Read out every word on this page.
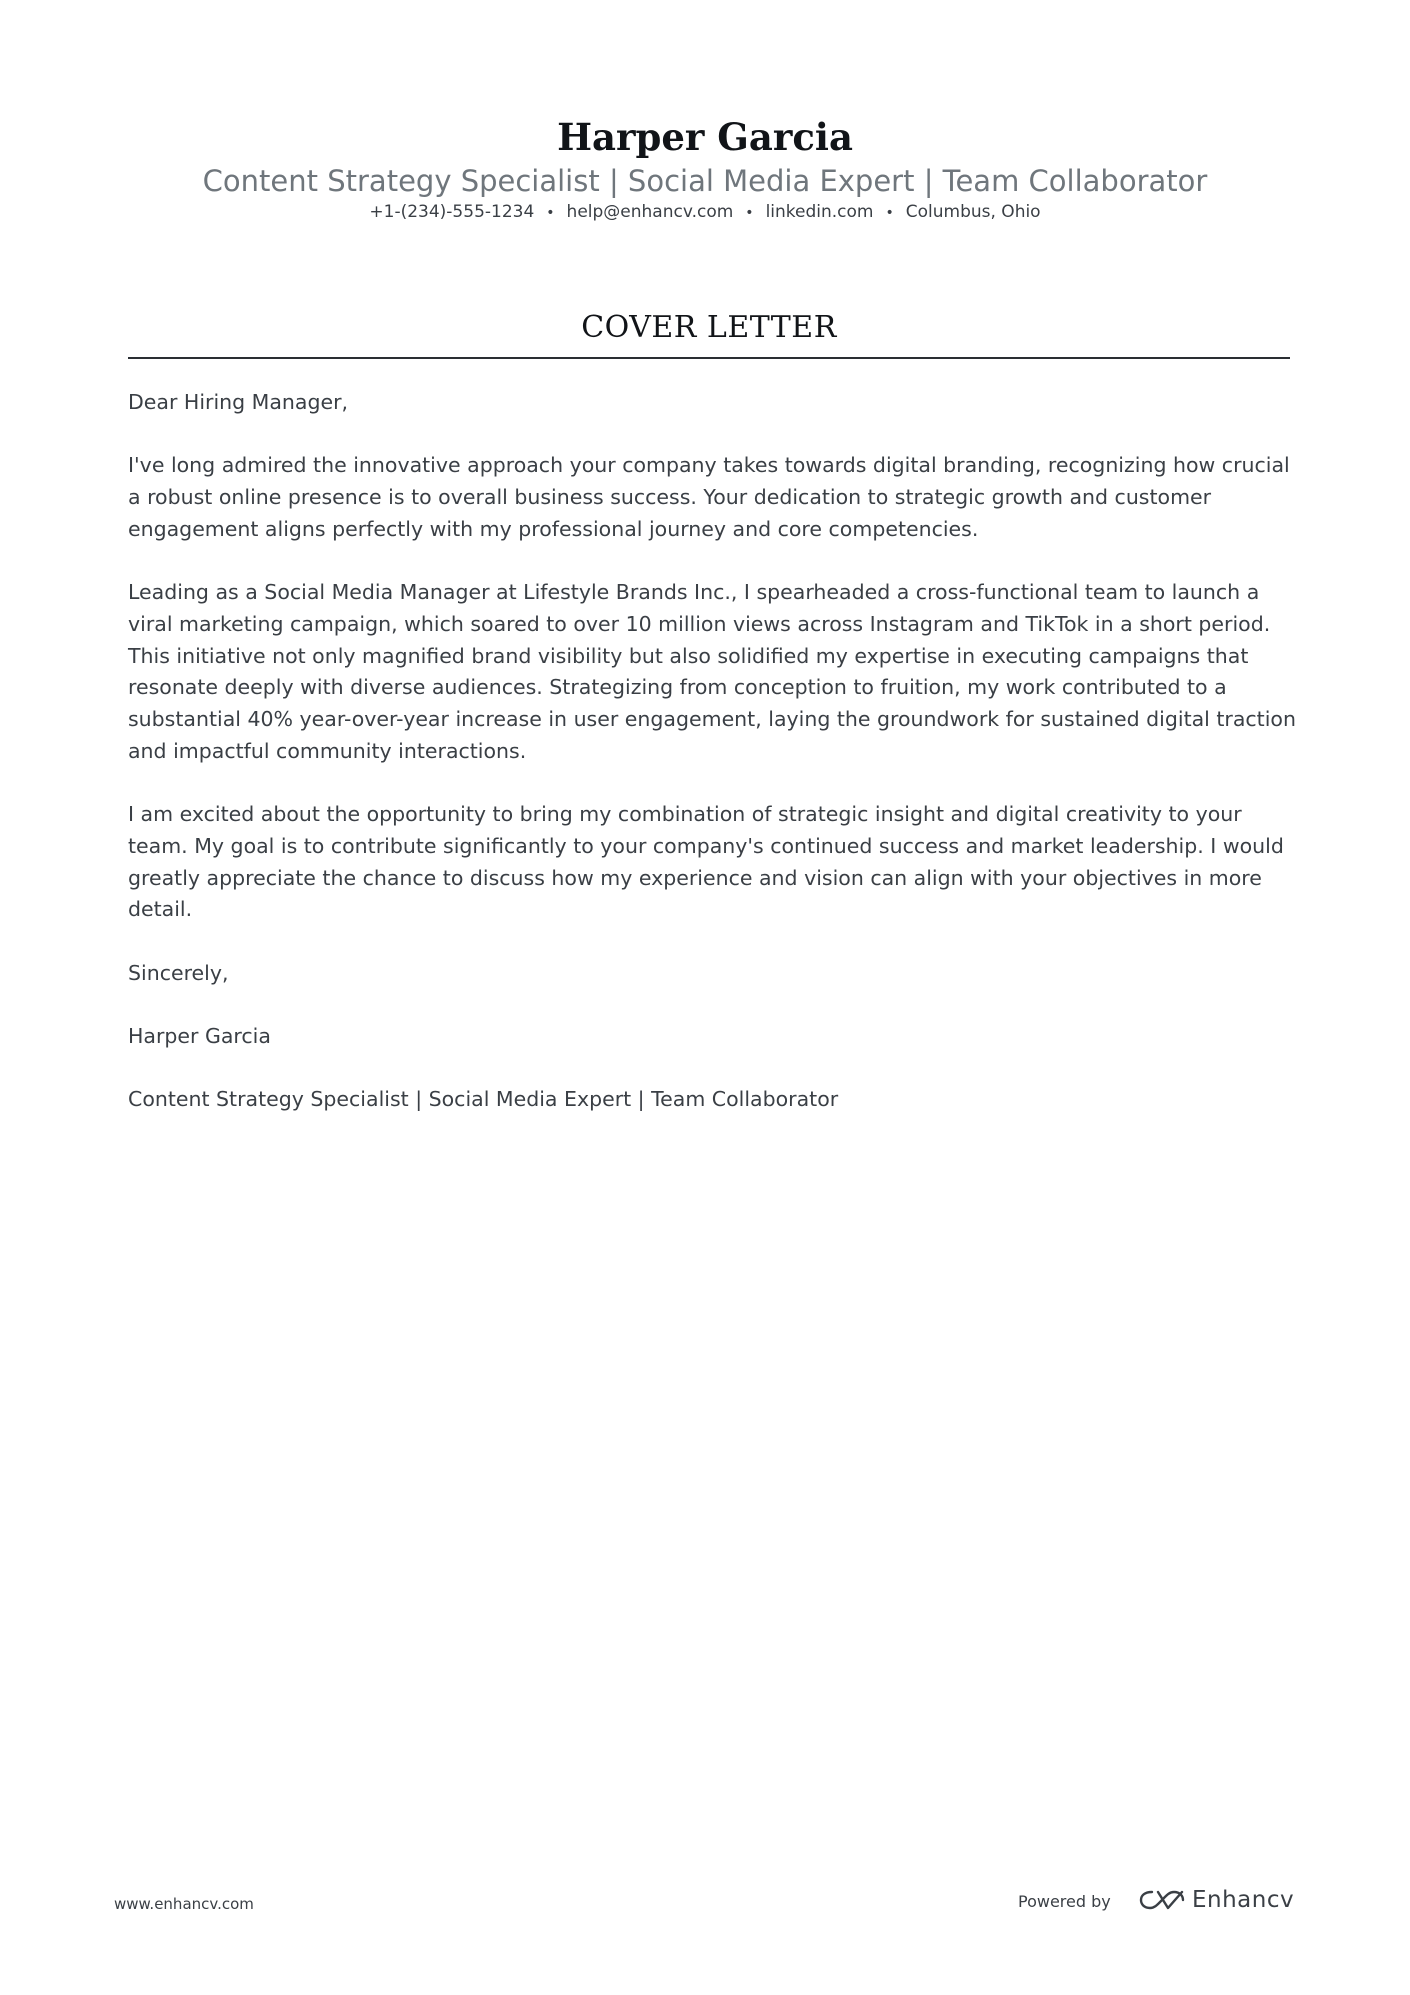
Harper Garcia
Content Strategy Specialist | Social Media Expert | Team Collaborator
+1-(234)-555-1234 • help@enhancv.com • linkedin.com • Columbus, Ohio
COVER LETTER

Dear Hiring Manager,

I've long admired the innovative approach your company takes towards digital branding, recognizing how crucial a robust online presence is to overall business success. Your dedication to strategic growth and customer engagement aligns perfectly with my professional journey and core competencies.

Leading as a Social Media Manager at Lifestyle Brands Inc., I spearheaded a cross-functional team to launch a viral marketing campaign, which soared to over 10 million views across Instagram and TikTok in a short period. This initiative not only magnified brand visibility but also solidified my expertise in executing campaigns that resonate deeply with diverse audiences. Strategizing from conception to fruition, my work contributed to a substantial 40% year-over-year increase in user engagement, laying the groundwork for sustained digital traction and impactful community interactions.

I am excited about the opportunity to bring my combination of strategic insight and digital creativity to your team. My goal is to contribute significantly to your company's continued success and market leadership. I would greatly appreciate the chance to discuss how my experience and vision can align with your objectives in more detail.

Sincerely,

Harper Garcia

Content Strategy Specialist | Social Media Expert | Team Collaborator

www.enhancv.com	Powered by	Enhancv
